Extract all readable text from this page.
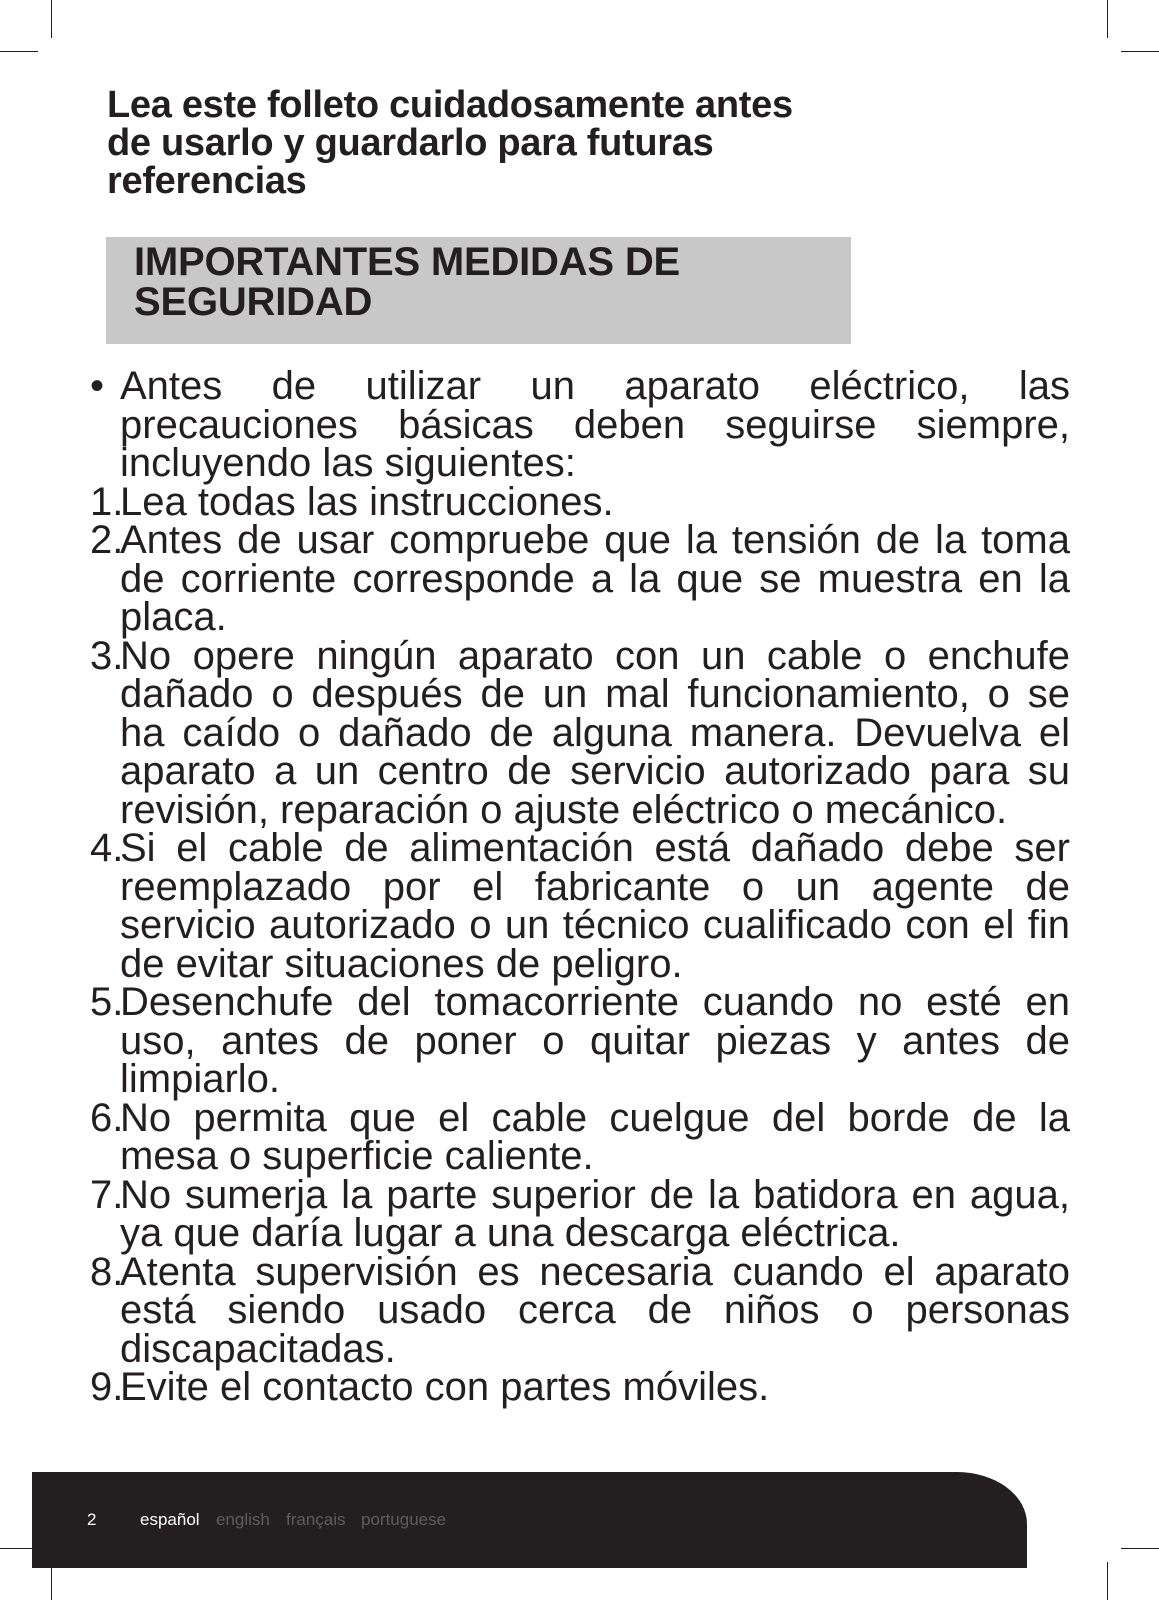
Lea este folleto cuidadosamente antes
de usarlo y guardarlo para futuras
referencias
IMPORTANTES MEDIDAS DE
SEGURIDAD
• Antes de utilizar un aparato eléctrico, las precauciones básicas deben seguirse siempre, incluyendo las siguientes:
1.
Lea todas las instrucciones.
2.
Antes de usar compruebe que la tensión de la toma de corriente corresponde a la que se muestra en la placa.
3.
No opere ningún aparato con un cable o enchufe dañado o después de un mal funcionamiento, o se ha caído o dañado de alguna manera. Devuelva el aparato a un centro de servicio autorizado para su revisión, reparación o ajuste eléctrico o mecánico.
4.
Si el cable de alimentación está dañado debe ser reemplazado por el fabricante o un agente de servicio autorizado o un técnico cualificado con el fin de evitar situaciones de peligro.
5.
Desenchufe del tomacorriente cuando no esté en uso, antes de poner o quitar piezas y antes de limpiarlo.
6.
No permita que el cable cuelgue del borde de la mesa o superficie caliente.
7.
No sumerja la parte superior de la batidora en agua, ya que daría lugar a una descarga eléctrica.
8.
Atenta supervisión es necesaria cuando el aparato está siendo usado cerca de niños o personas discapacitadas.
9.
Evite el contacto con partes móviles.
2	español english français portuguese
